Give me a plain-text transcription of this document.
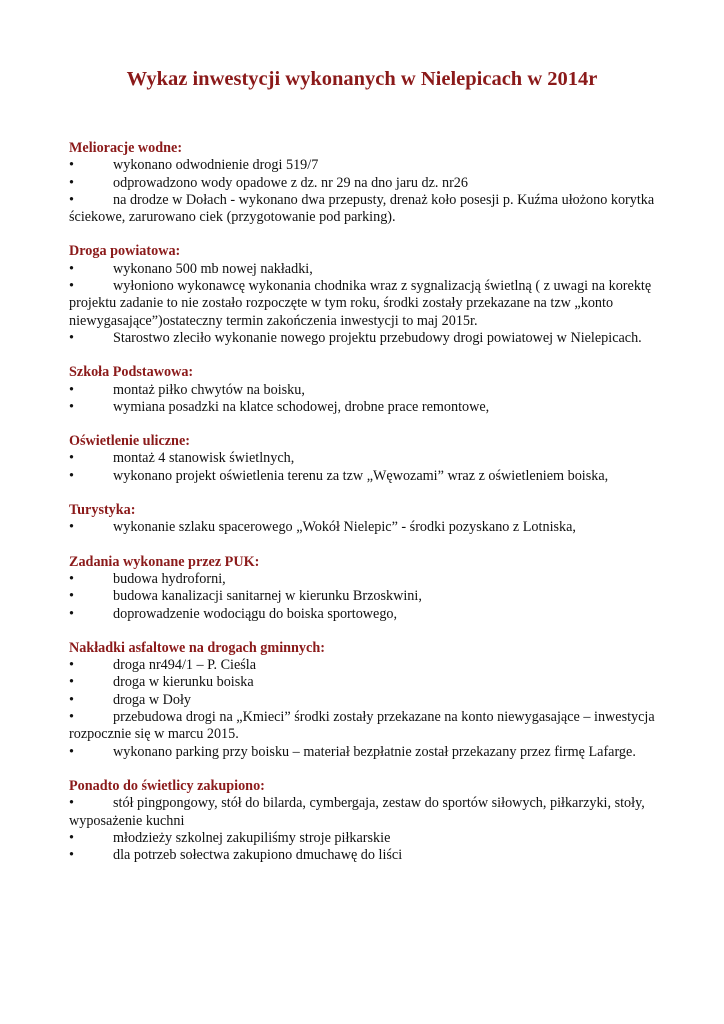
Wykaz inwestycji wykonanych w Nielepicach w 2014r

Melioracje wodne:

•	wykonano odwodnienie drogi 519/7

•	odprowadzono wody opadowe z dz. nr 29 na dno jaru dz. nr26

•	na drodze w Dołach - wykonano dwa przepusty, drenaż koło posesji p. Kuźma ułożono korytka ściekowe, zarurowano ciek (przygotowanie pod parking).

Droga powiatowa:

•	wykonano 500 mb nowej nakładki,

•	wyłoniono wykonawcę wykonania chodnika wraz z sygnalizacją świetlną ( z uwagi na korektę projektu zadanie to nie zostało rozpoczęte w tym roku, środki zostały przekazane na tzw „konto niewygasające”)ostateczny termin zakończenia inwestycji to maj 2015r.

•	Starostwo zleciło wykonanie nowego projektu przebudowy drogi powiatowej w Nielepicach.

Szkoła Podstawowa:

•	montaż piłko chwytów na boisku,

•	wymiana posadzki na klatce schodowej, drobne prace remontowe,

Oświetlenie uliczne:

•	montaż 4 stanowisk świetlnych,

•	wykonano projekt oświetlenia terenu za tzw „Węwozami” wraz z oświetleniem boiska,

Turystyka:

•	wykonanie szlaku spacerowego „Wokół Nielepic” - środki pozyskano z Lotniska,

Zadania wykonane przez PUK:

•	budowa hydroforni,

•	budowa kanalizacji sanitarnej w kierunku Brzoskwini,

•	doprowadzenie wodociągu do boiska sportowego,

Nakładki asfaltowe na drogach gminnych:

•	droga nr494/1 – P. Cieśla

•	droga w kierunku boiska

•	droga w Doły

•	przebudowa drogi na „Kmieci” środki zostały przekazane na konto niewygasające – inwestycja rozpocznie się w marcu 2015.

•	wykonano parking przy boisku – materiał bezpłatnie został przekazany przez firmę Lafarge.

Ponadto do świetlicy zakupiono:

•	stół pingpongowy, stół do bilarda, cymbergaja, zestaw do sportów siłowych, piłkarzyki, stoły, wyposażenie kuchni

•	młodzieży szkolnej zakupiliśmy stroje piłkarskie

•	dla potrzeb sołectwa zakupiono dmuchawę do liści
